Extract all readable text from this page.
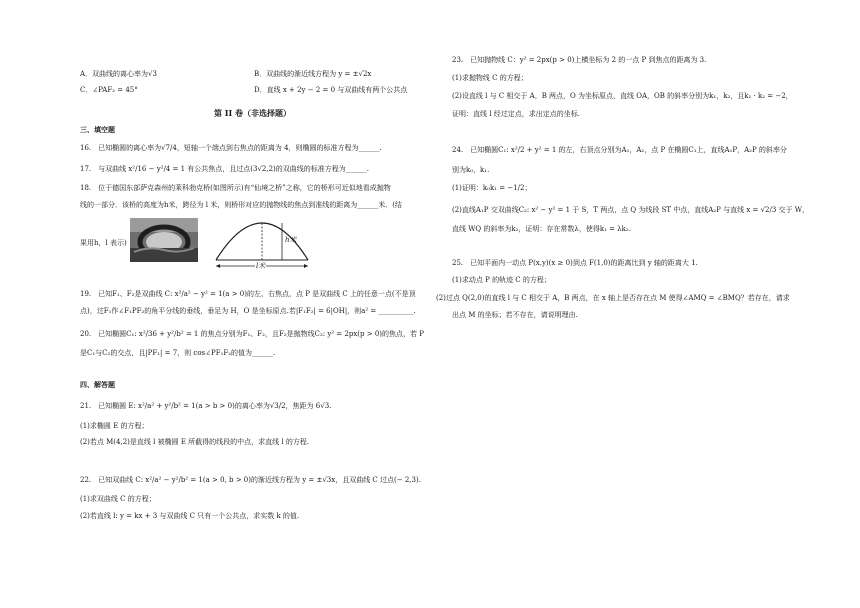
A．双曲线的离心率为√3	B．双曲线的渐近线方程为 y = ±√2x
C．∠PAF₂ = 45°	D．直线 x + 2y − 2 = 0 与双曲线有两个公共点
第 II 卷（非选择题）
三、填空题
16.　已知椭圆的离心率为√7/4，短轴一个端点到右焦点的距离为 4，则椭圆的标准方程为______.
17.　与双曲线 x²/16 − y²/4 = 1 有公共焦点，且过点(3√2,2)的双曲线的标准方程为______.
18.　位于德国东部萨克森州的莱科勃克桥(如图所示)有“仙境之桥”之称，它的桥形可近似地看成抛物
线的一部分．该桥的高度为h米，跨径为 l 米，则桥形对应的抛物线的焦点到准线的距离为______米．(结
果用h，l 表示)	h米
l米
19.　已知F₁、F₂是双曲线 C: x²/a² − y² = 1(a > 0)的左、右焦点，点 P 是双曲线 C 上的任意一点(不是顶
点)，过F₁作∠F₁PF₂的角平分线的垂线，垂足为 H，O 是坐标原点.若|F₁F₂| = 6|OH|，则a² = __________.
20.　已知椭圆C₁: x²/36 + y²/b² = 1 的焦点分别为F₁、F₂，且F₂是抛物线C₂: y² = 2px(p > 0)的焦点，若 P
是C₁与C₂的交点，且|PF₁| = 7，则 cos∠PF₁F₂的值为______.
四、解答题
21.　已知椭圆 E: x²/a² + y²/b² = 1(a > b > 0)的离心率为√3/2，焦距为 6√3.
(1)求椭圆 E 的方程；
(2)若点 M(4,2)是直线 l 被椭圆 E 所截得的线段的中点，求直线 l 的方程.
22.　已知双曲线 C: x²/a² − y²/b² = 1(a > 0, b > 0)的渐近线方程为 y = ±√3x，且双曲线 C 过点(− 2,3).
(1)求双曲线 C 的方程；
(2)若直线 l: y = kx + 3 与双曲线 C 只有一个公共点，求实数 k 的值.
23.　已知抛物线 C：y² = 2px(p > 0)上横坐标为 2 的一点 P 到焦点的距离为 3.
(1)求抛物线 C 的方程；
(2)设直线 l 与 C 相交于 A，B 两点，O 为坐标原点，直线 OA，OB 的斜率分别为k₁，k₂，且k₁ · k₂ = −2，
证明：直线 l 经过定点，求出定点的坐标.
24.　已知椭圆C₁: x²/2 + y² = 1 的左，右顶点分别为A₁，A₂，点 P 在椭圆C₁上，直线A₁P，A₂P 的斜率分
别为k₀，k₁.
(1)证明：k₀k₁ = −1/2；
(2)直线A₁P 交双曲线C₂: x² − y² = 1 于 S，T 两点，点 Q 为线段 ST 中点，直线A₂P 与直线 x = √2/3 交于 W，
直线 WQ 的斜率为k₂，证明：存在常数λ，使得k₁ = λk₂.
25.　已知平面内一动点 P(x,y)(x ≥ 0)到点 F(1,0)的距离比到 y 轴的距离大 1.
(1)求动点 P 的轨迹 C 的方程；
(2)过点 Q(2,0)的直线 l 与 C 相交于 A，B 两点，在 x 轴上是否存在点 M 使得∠AMQ = ∠BMQ？若存在，请求
出点 M 的坐标；若不存在，请说明理由.
